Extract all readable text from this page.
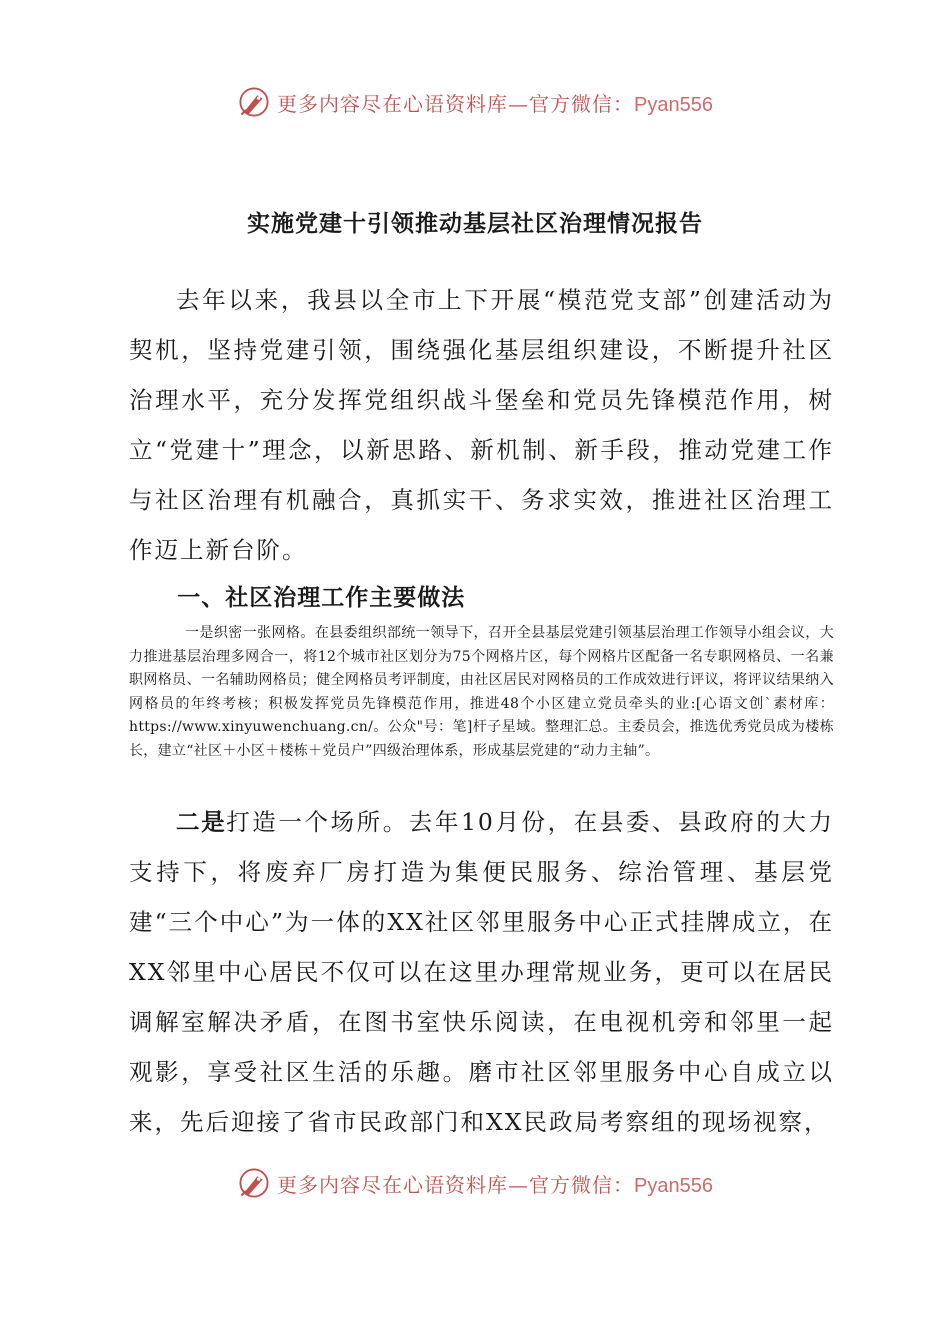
更多内容尽在心语资料库—官方微信：Pyan556
实施党建十引领推动基层社区治理情况报告

去年以来，我县以全市上下开展“模范党支部”创建活动为契机，坚持党建引领，围绕强化基层组织建设，不断提升社区治理水平，充分发挥党组织战斗堡垒和党员先锋模范作用，树立“党建十”理念，以新思路、新机制、新手段，推动党建工作与社区治理有机融合，真抓实干、务求实效，推进社区治理工作迈上新台阶。

一、社区治理工作主要做法

一是织密一张网格。在县委组织部统一领导下，召开全县基层党建引领基层治理工作领导小组会议，大力推进基层治理多网合一，将12个城市社区划分为75个网格片区，每个网格片区配备一名专职网格员、一名兼职网格员、一名辅助网格员；健全网格员考评制度，由社区居民对网格员的工作成效进行评议，将评议结果纳入网格员的年终考核；积极发挥党员先锋模范作用，推进48个小区建立党员牵头的业:[心语文创`素材库：https://www.xinyuwenchuang.cn/。公众"号：笔]杆子星域。整理汇总。主委员会，推选优秀党员成为楼栋长，建立“社区＋小区＋楼栋＋党员户”四级治理体系，形成基层党建的“动力主轴”。

二是打造一个场所。去年10月份，在县委、县政府的大力支持下，将废弃厂房打造为集便民服务、综治管理、基层党建“三个中心”为一体的XX社区邻里服务中心正式挂牌成立，在XX邻里中心居民不仅可以在这里办理常规业务，更可以在居民调解室解决矛盾，在图书室快乐阅读，在电视机旁和邻里一起观影，享受社区生活的乐趣。磨市社区邻里服务中心自成立以来，先后迎接了省市民政部门和XX民政局考察组的现场视察，

更多内容尽在心语资料库—官方微信：Pyan556
